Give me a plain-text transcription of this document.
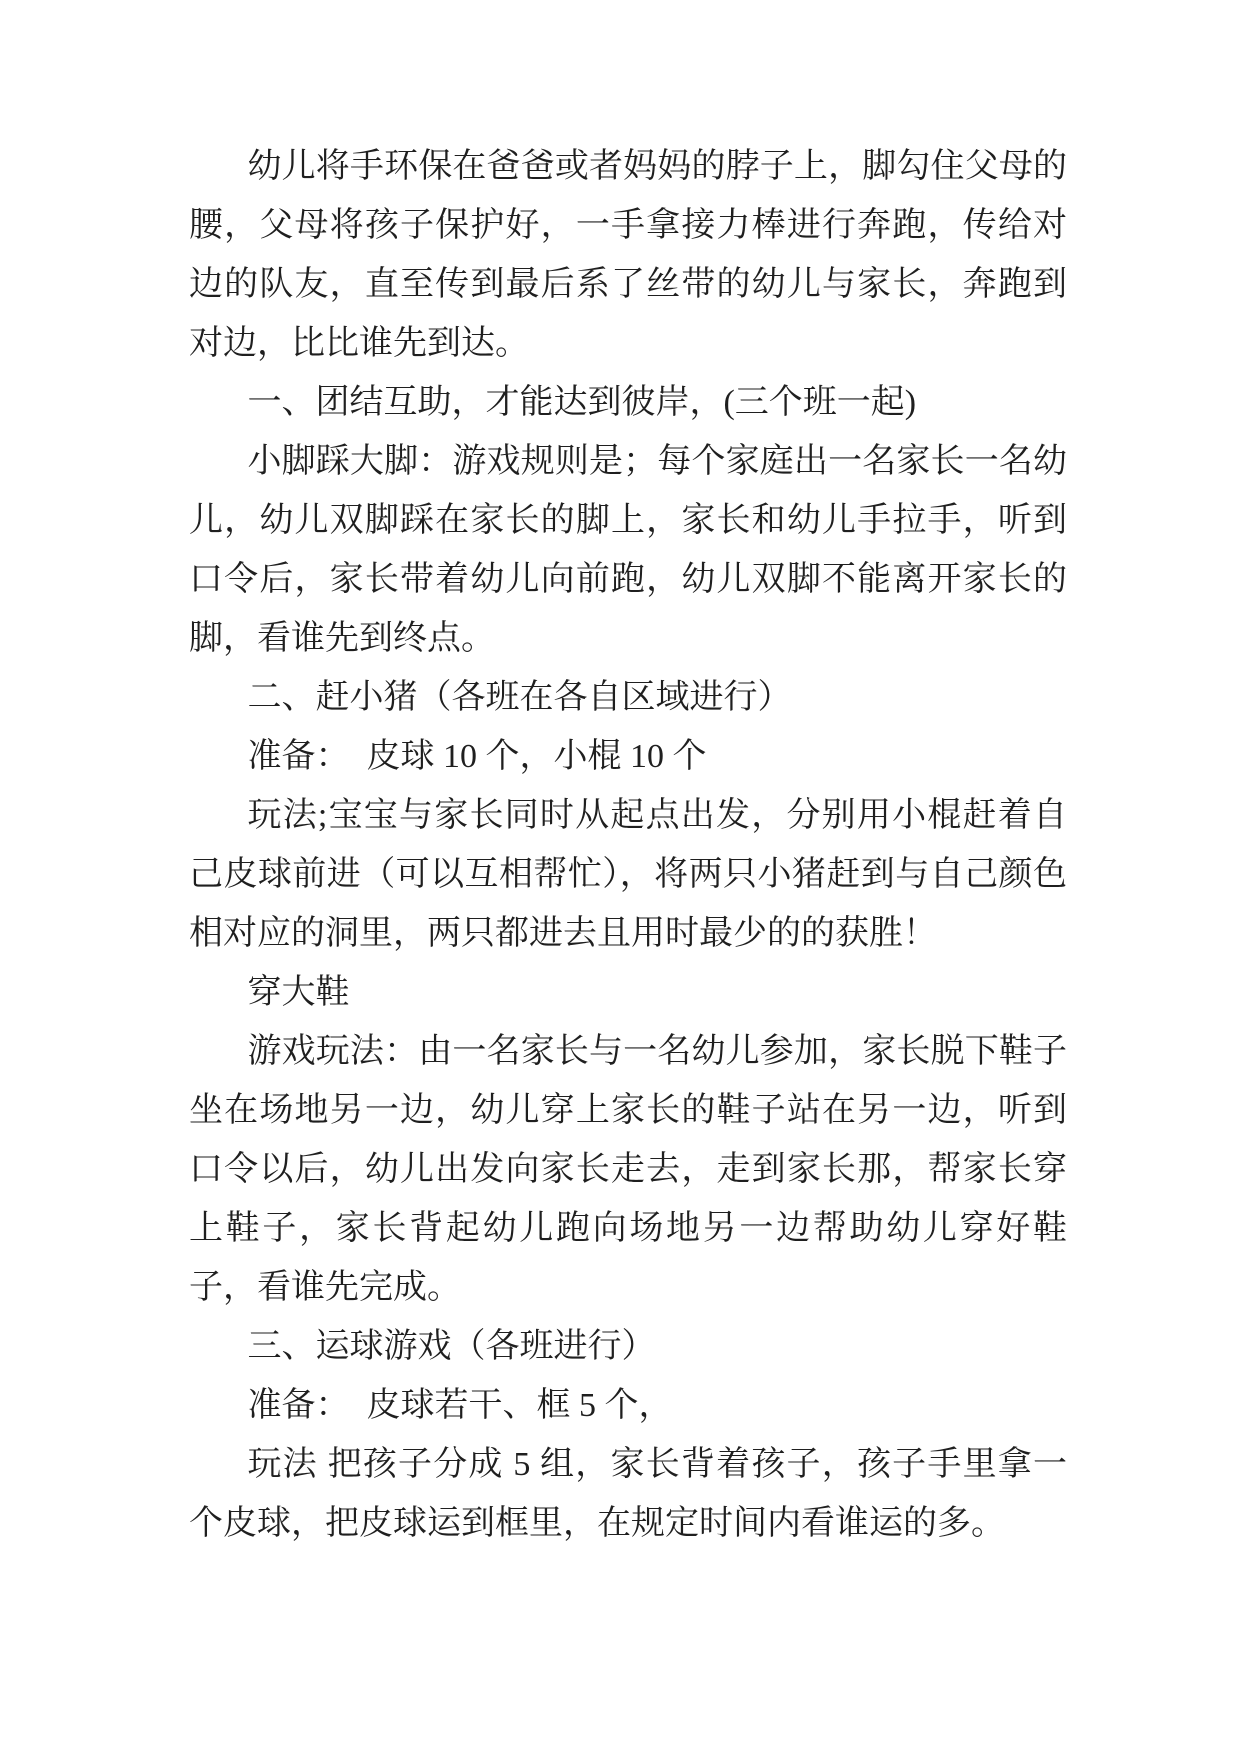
幼儿将手环保在爸爸或者妈妈的脖子上，脚勾住父母的腰，父母将孩子保护好，一手拿接力棒进行奔跑，传给对边的队友，直至传到最后系了丝带的幼儿与家长，奔跑到对边，比比谁先到达。

一、团结互助，才能达到彼岸，(三个班一起)

小脚踩大脚：游戏规则是；每个家庭出一名家长一名幼儿，幼儿双脚踩在家长的脚上，家长和幼儿手拉手，听到口令后，家长带着幼儿向前跑，幼儿双脚不能离开家长的脚，看谁先到终点。

二、赶小猪（各班在各自区域进行）

准备：　皮球 10 个，小棍 10 个

玩法;宝宝与家长同时从起点出发，分别用小棍赶着自己皮球前进（可以互相帮忙），将两只小猪赶到与自己颜色相对应的洞里，两只都进去且用时最少的的获胜！

穿大鞋

游戏玩法：由一名家长与一名幼儿参加，家长脱下鞋子坐在场地另一边，幼儿穿上家长的鞋子站在另一边，听到口令以后，幼儿出发向家长走去，走到家长那，帮家长穿上鞋子，家长背起幼儿跑向场地另一边帮助幼儿穿好鞋子，看谁先完成。

三、运球游戏（各班进行）

准备：　皮球若干、框 5 个，

玩法 把孩子分成 5 组，家长背着孩子，孩子手里拿一个皮球，把皮球运到框里，在规定时间内看谁运的多。
